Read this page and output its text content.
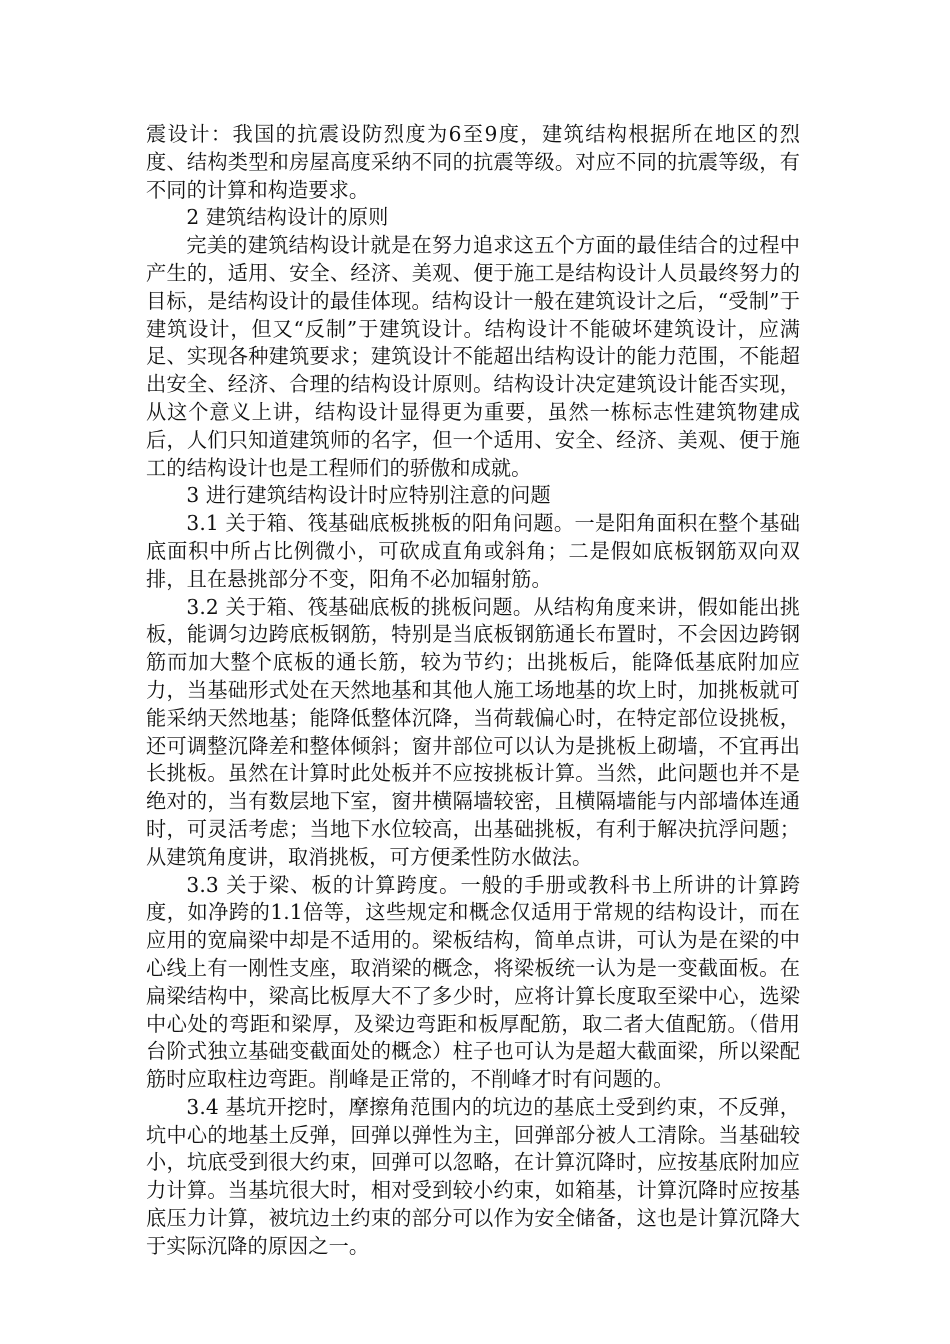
震设计：我国的抗震设防烈度为6至9度，建筑结构根据所在地区的烈度、结构类型和房屋高度采纳不同的抗震等级。对应不同的抗震等级，有不同的计算和构造要求。

2 建筑结构设计的原则

完美的建筑结构设计就是在努力追求这五个方面的最佳结合的过程中产生的，适用、安全、经济、美观、便于施工是结构设计人员最终努力的目标，是结构设计的最佳体现。结构设计一般在建筑设计之后，“受制”于建筑设计，但又“反制”于建筑设计。结构设计不能破坏建筑设计，应满足、实现各种建筑要求；建筑设计不能超出结构设计的能力范围，不能超出安全、经济、合理的结构设计原则。结构设计决定建筑设计能否实现，从这个意义上讲，结构设计显得更为重要，虽然一栋标志性建筑物建成后，人们只知道建筑师的名字，但一个适用、安全、经济、美观、便于施工的结构设计也是工程师们的骄傲和成就。

3 进行建筑结构设计时应特别注意的问题

3.1 关于箱、筏基础底板挑板的阳角问题。一是阳角面积在整个基础底面积中所占比例微小，可砍成直角或斜角；二是假如底板钢筋双向双排，且在悬挑部分不变，阳角不必加辐射筋。

3.2 关于箱、筏基础底板的挑板问题。从结构角度来讲，假如能出挑板，能调匀边跨底板钢筋，特别是当底板钢筋通长布置时，不会因边跨钢筋而加大整个底板的通长筋，较为节约；出挑板后，能降低基底附加应力，当基础形式处在天然地基和其他人施工场地基的坎上时，加挑板就可能采纳天然地基；能降低整体沉降，当荷载偏心时，在特定部位设挑板，还可调整沉降差和整体倾斜；窗井部位可以认为是挑板上砌墙，不宜再出长挑板。虽然在计算时此处板并不应按挑板计算。当然，此问题也并不是绝对的，当有数层地下室，窗井横隔墙较密，且横隔墙能与内部墙体连通时，可灵活考虑；当地下水位较高，出基础挑板，有利于解决抗浮问题；从建筑角度讲，取消挑板，可方便柔性防水做法。

3.3 关于梁、板的计算跨度。一般的手册或教科书上所讲的计算跨度，如净跨的1.1倍等，这些规定和概念仅适用于常规的结构设计，而在应用的宽扁梁中却是不适用的。梁板结构，简单点讲，可认为是在梁的中心线上有一刚性支座，取消梁的概念，将梁板统一认为是一变截面板。在扁梁结构中，梁高比板厚大不了多少时，应将计算长度取至梁中心，选梁中心处的弯距和梁厚，及梁边弯距和板厚配筋，取二者大值配筋。（借用台阶式独立基础变截面处的概念）柱子也可认为是超大截面梁，所以梁配筋时应取柱边弯距。削峰是正常的，不削峰才时有问题的。

3.4 基坑开挖时，摩擦角范围内的坑边的基底土受到约束，不反弹，坑中心的地基土反弹，回弹以弹性为主，回弹部分被人工清除。当基础较小，坑底受到很大约束，回弹可以忽略，在计算沉降时，应按基底附加应力计算。当基坑很大时，相对受到较小约束，如箱基，计算沉降时应按基底压力计算，被坑边土约束的部分可以作为安全储备，这也是计算沉降大于实际沉降的原因之一。
